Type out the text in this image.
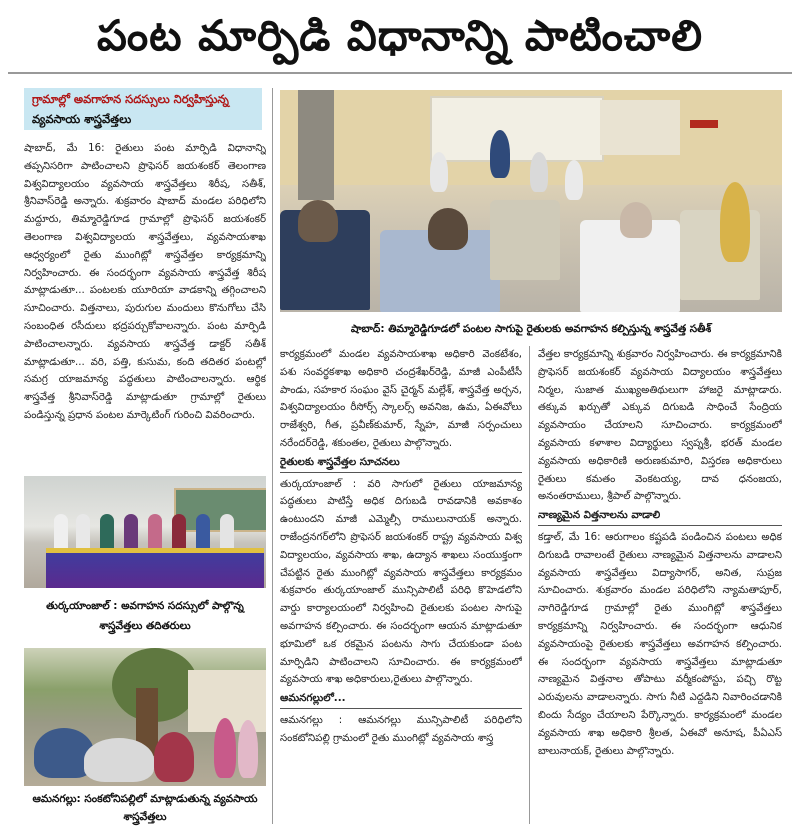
పంట మార్పిడి విధానాన్ని పాటించాలి
గ్రామాల్లో అవగాహన సదస్సులు నిర్వహిస్తున్న
వ్యవసాయ శాస్త్రవేత్తలు

షాబాద్, మే 16: రైతులు పంట మార్పిడి విధానాన్ని తప్పనిసరిగా పాటించాలని ప్రొఫెసర్ జయశంకర్ తెలంగాణ విశ్వవిద్యాలయం వ్యవసాయ శాస్త్రవేత్తలు శిరీష, సతీశ్, శ్రీనివాస్‌రెడ్డి అన్నారు. శుక్రవారం షాబాద్ మండల పరిధిలోని మద్దూరు, తిమ్మారెడ్డిగూడ గ్రామాల్లో ప్రొఫెసర్ జయశంకర్ తెలంగాణ విశ్వవిద్యాలయ శాస్త్రవేత్తలు, వ్యవసాయశాఖ ఆధ్వర్యంలో రైతు ముంగిట్లో శాస్త్రవేత్తల కార్యక్రమాన్ని నిర్వహించారు. ఈ సందర్భంగా వ్యవసాయ శాస్త్రవేత్త శిరీష మాట్లాడుతూ... పంటలకు యూరియా వాడకాన్ని తగ్గించాలని సూచించారు. విత్తనాలు, పురుగుల మందులు కొనుగోలు చేసి సంబంధిత రసీదులు భద్రపర్చుకోవాలన్నారు. పంట మార్పిడి పాటించాలన్నారు. వ్యవసాయ శాస్త్రవేత్త డాక్టర్ సతీశ్ మాట్లాడుతూ... వరి, పత్తి, కుసుమ, కంది తదితర పంటల్లో సమగ్ర యాజమాన్య పద్ధతులు పాటించాలన్నారు. ఆర్థిక శాస్త్రవేత్త శ్రీనివాస్‌రెడ్డి మాట్లాడుతూ గ్రామాల్లో రైతులు పండిస్తున్న ప్రధాన పంటల మార్కెటింగ్ గురించి వివరించారు.

షాబాద్: తిమ్మారెడ్డిగూడలో పంటల సాగుపై రైతులకు అవగాహన కల్పిస్తున్న శాస్త్రవేత్త సతీశ్
తుర్కయాంజాల్ : అవగాహన సదస్సులో పాల్గొన్న శాస్త్రవేత్తలు తదితరులు
ఆమనగల్లు: సంకటోనిపల్లిలో మాట్లాడుతున్న వ్యవసాయ శాస్త్రవేత్తలు

కార్యక్రమంలో మండల వ్యవసాయశాఖ అధికారి వెంకటేశం, పశు సంవర్థకశాఖ అధికారి చంద్రశేఖర్‌రెడ్డి, మాజీ ఎంపీటీసీ పాండు, సహకార సంఘం వైస్ చైర్మన్ మల్లేశ్, శాస్త్రవేత్త అర్చన, విశ్వవిద్యాలయం రీసోర్స్ స్కాలర్స్ అవనిజ, ఉమ, ఏఈవోలు రాజేశ్వరి, గీత, ప్రవీణ్‌కుమార్, స్నేహ, మాజీ సర్పంచులు నరేందర్‌రెడ్డి, శకుంతల, రైతులు పాల్గొన్నారు.

రైతులకు శాస్త్రవేత్తల సూచనలు

తుర్కయాంజాల్ : వరి సాగులో రైతులు యాజమాన్య పద్ధతులు పాటిస్తే అధిక దిగుబడి రావడానికి అవకాశం ఉంటుందని మాజీ ఎమ్మెల్సీ రాములునాయక్ అన్నారు. రాజేంద్రనగర్‌లోని ప్రొఫెసర్ జయశంకర్ రాష్ట్ర వ్యవసాయ విశ్వ విద్యాలయం, వ్యవసాయ శాఖ, ఉద్యాన శాఖలు సంయుక్తంగా చేపట్టిన రైతు ముంగిట్లో వ్యవసాయ శాస్త్రవేత్తలు కార్యక్రమం శుక్రవారం తుర్కయాంజాల్ మున్సిపాలిటీ పరిధి కొహెడలోని వార్డు కార్యాలయంలో నిర్వహించి రైతులకు పంటల సాగుపై అవగాహన కల్పించారు. ఈ సందర్భంగా ఆయన మాట్లాడుతూ భూమిలో ఒక రకమైన పంటను సాగు చేయకుండా పంట మార్పిడిని పాటించాలని సూచించారు. ఈ కార్యక్రమంలో వ్యవసాయ శాఖ అధికారులు,రైతులు పాల్గొన్నారు.

ఆమనగల్లులో...

ఆమనగల్లు : ఆమనగల్లు మున్సిపాలిటీ పరిధిలోని సంకటోనిపల్లి గ్రామంలో రైతు ముంగిట్లో వ్యవసాయ శాస్త్ర

వేత్తల కార్యక్రమాన్ని శుక్రవారం నిర్వహించారు. ఈ కార్యక్రమానికి ప్రొఫెసర్ జయశంకర్ వ్యవసాయ విద్యాలయం శాస్త్రవేత్తలు నిర్మల, సుజాత ముఖ్యఅతిథులుగా హాజరై మాట్లాడారు. తక్కువ ఖర్చుతో ఎక్కువ దిగుబడి సాధించే సేంద్రియ వ్యవసాయం చేయాలని సూచించారు. కార్యక్రమంలో వ్యవసాయ కళాశాల విద్యార్థులు స్వప్నశ్రీ, భరత్ మండల వ్యవసాయ అధికారిణి అరుణకుమారి, విస్తరణ అధికారులు రైతులు కమతం వెంకటయ్య, దావ ధనంజయ, అనంతరాములు, శ్రీపాల్ పాల్గొన్నారు.

నాణ్యమైన విత్తనాలను వాడాలి

కడ్తాల్, మే 16: ఆరుగాలం కష్టపడి పండించిన పంటలు అధిక దిగుబడి రావాలంటే రైతులు నాణ్యమైన విత్తనాలను వాడాలని వ్యవసాయ శాస్త్రవేత్తలు విద్యాసాగర్, అనిత, సుప్రజ సూచించారు. శుక్రవారం మండల పరిధిలోని న్యామతాపూర్, నాగిరెడ్డిగూడ గ్రామాల్లో రైతు ముంగిట్లో శాస్త్రవేత్తలు కార్యక్రమాన్ని నిర్వహించారు. ఈ సందర్భంగా ఆధునిక వ్యవసాయంపై రైతులకు శాస్త్రవేత్తలు అవగాహన కల్పించారు. ఈ సందర్భంగా వ్యవసాయ శాస్త్రవేత్తలు మాట్లాడుతూ నాణ్యమైన విత్తనాల తోపాటు వర్మీకంపోస్టు, పచ్చి రొట్ట ఎరువులను వాడాలన్నారు. సాగు నీటి ఎద్దడిని నివారించడానికి బిందు సేద్యం చేయాలని పేర్కొన్నారు. కార్యక్రమంలో మండల వ్యవసాయ శాఖ అధికారి శ్రీలత, ఏఈవో అనూష, పీఏఎస్ బాలునాయక్, రైతులు పాల్గొన్నారు.
